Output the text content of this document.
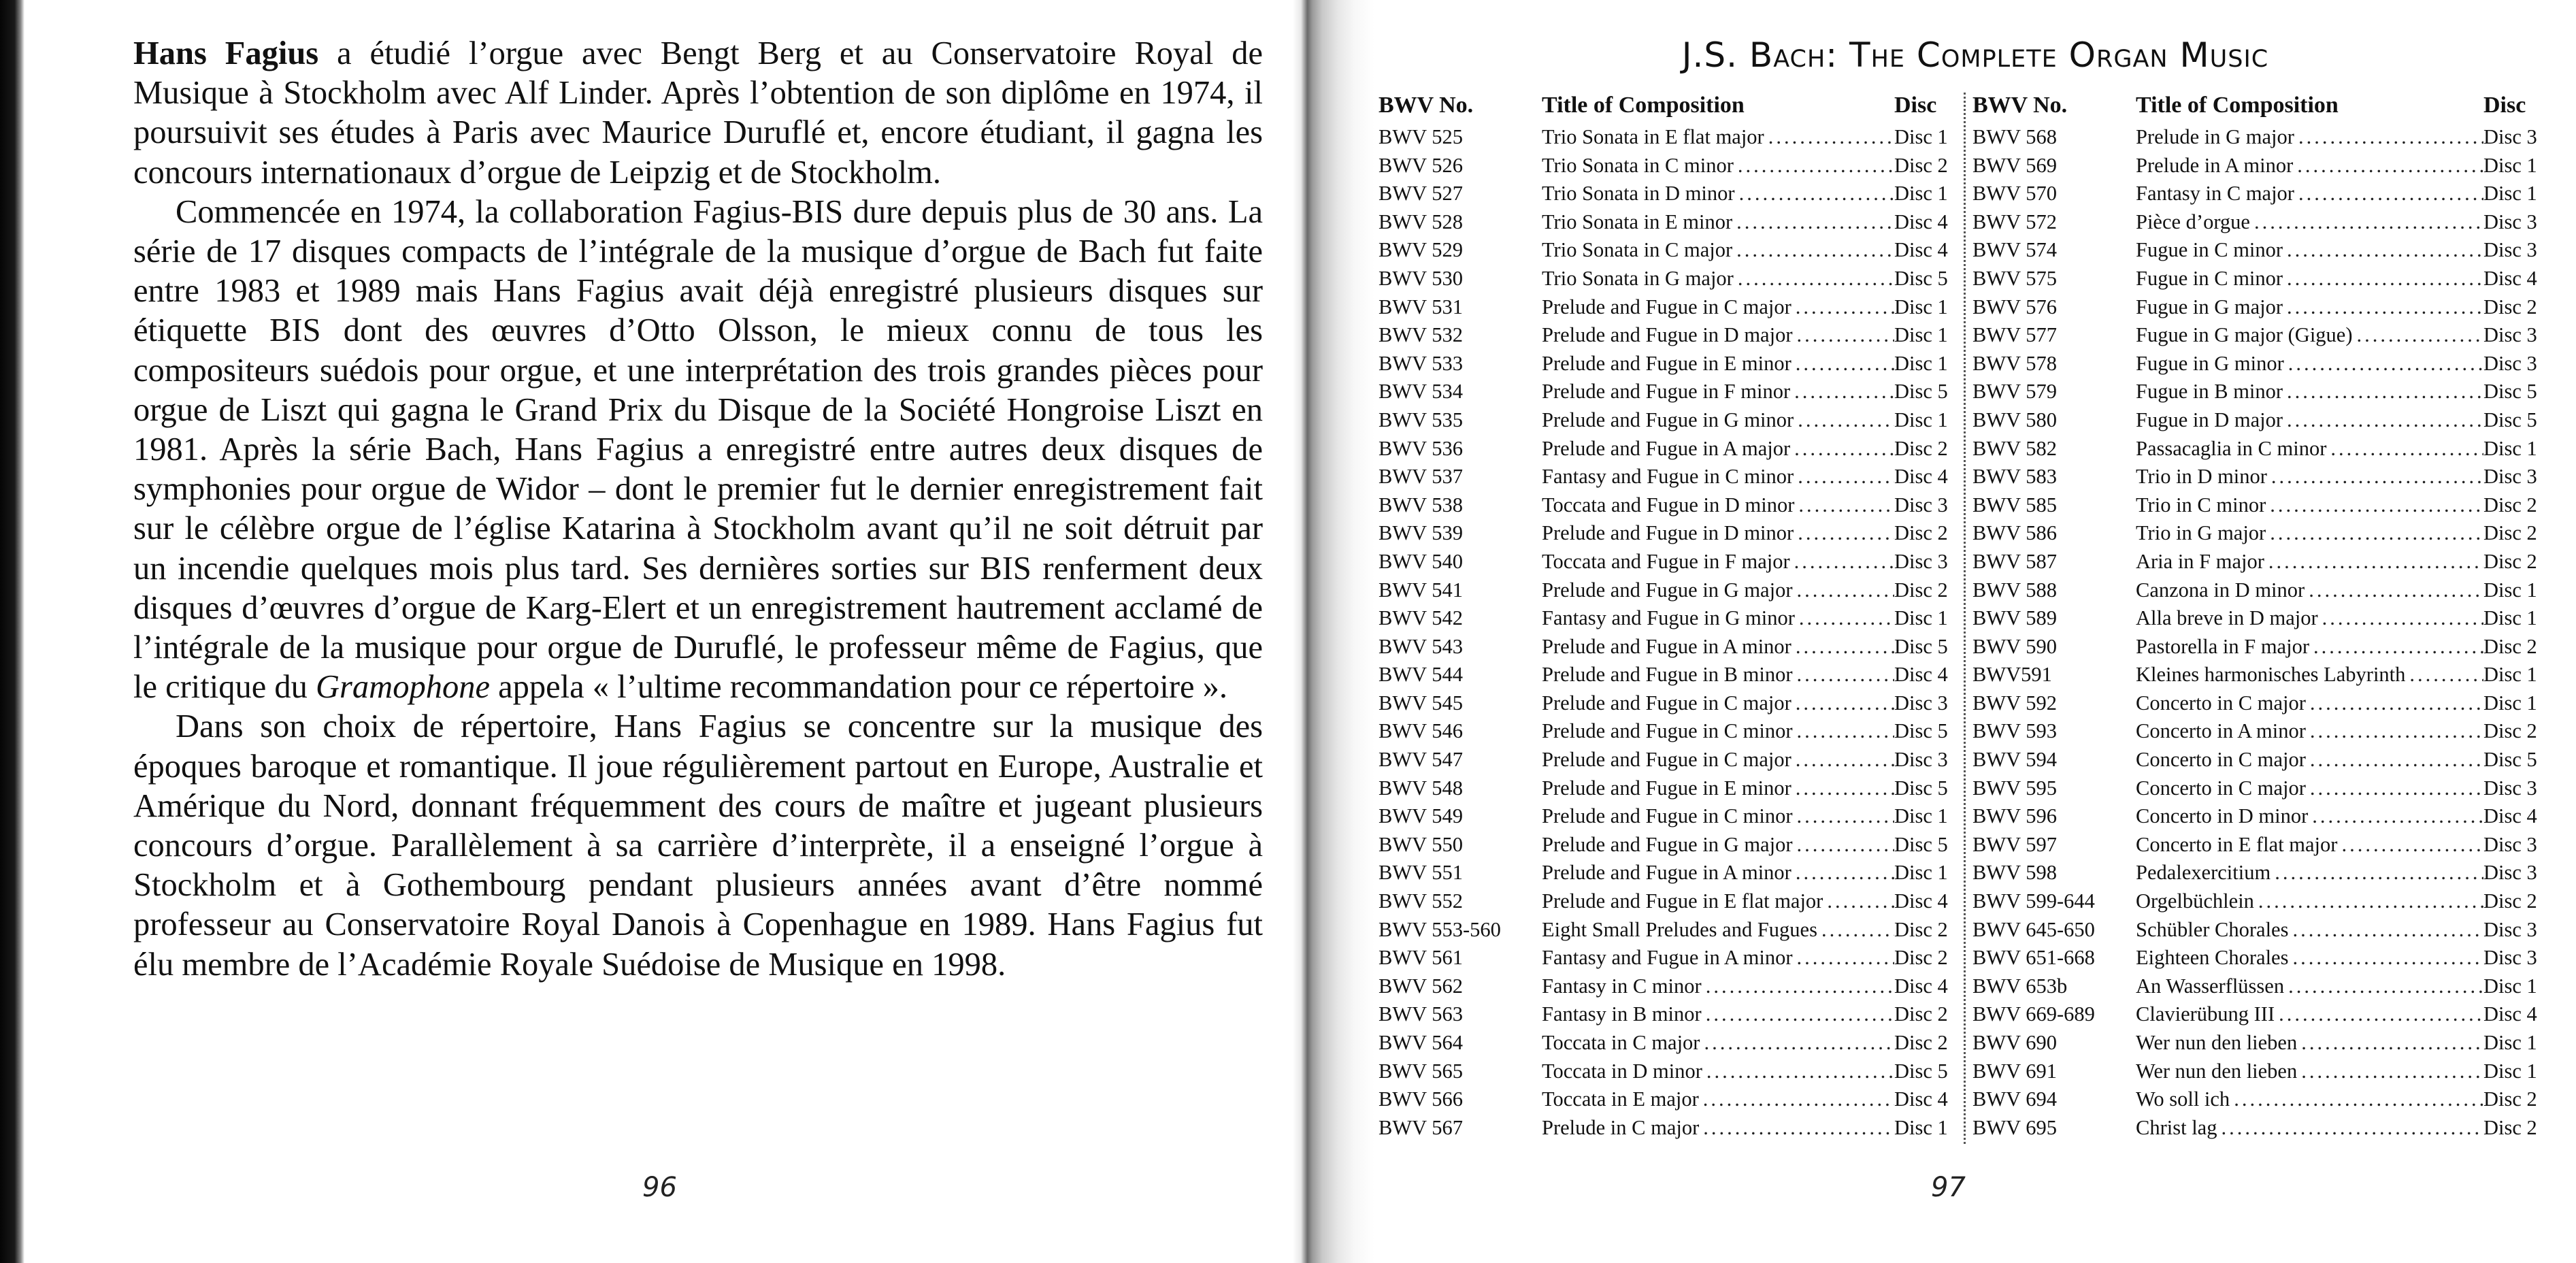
Hans Fagius a étudié l’orgue avec Bengt Berg et au Conservatoire Royal de Musique à Stockholm avec Alf Linder. Après l’obtention de son diplôme en 1974, il poursuivit ses études à Paris avec Maurice Duruflé et, encore étudiant, il gagna les concours internationaux d’orgue de Leipzig et de Stockholm.

Commencée en 1974, la collaboration Fagius-BIS dure depuis plus de 30 ans. La série de 17 disques compacts de l’intégrale de la musique d’orgue de Bach fut faite entre 1983 et 1989 mais Hans Fagius avait déjà enregistré plusieurs disques sur étiquette BIS dont des œuvres d’Otto Olsson, le mieux connu de tous les compositeurs suédois pour orgue, et une interprétation des trois grandes pièces pour orgue de Liszt qui gagna le Grand Prix du Disque de la Société Hongroise Liszt en 1981. Après la série Bach, Hans Fagius a enregistré entre autres deux disques de symphonies pour orgue de Widor – dont le premier fut le dernier enregistrement fait sur le célèbre orgue de l’église Katarina à Stockholm avant qu’il ne soit détruit par un incendie quelques mois plus tard. Ses dernières sorties sur BIS renferment deux disques d’œuvres d’orgue de Karg-Elert et un enregistrement hautrement acclamé de l’intégrale de la musique pour orgue de Duruflé, le professeur même de Fagius, que le critique du Gramophone appela « l’ultime recommandation pour ce répertoire ».

Dans son choix de répertoire, Hans Fagius se concentre sur la musique des époques baroque et romantique. Il joue régulièrement partout en Europe, Australie et Amérique du Nord, donnant fréquemment des cours de maître et jugeant plusieurs concours d’orgue. Parallèlement à sa carrière d’interprète, il a enseigné l’orgue à Stockholm et à Gothembourg pendant plusieurs années avant d’être nommé professeur au Conservatoire Royal Danois à Copenhague en 1989. Hans Fagius fut élu membre de l’Académie Royale Suédoise de Musique en 1998.

96
J.S. Bach: The Complete Organ Music
BWV No.	Title of Composition	Disc
BWV 525	Trio Sonata in E flat major .....	Disc 1
BWV 526	Trio Sonata in C minor .....	Disc 2
BWV 527	Trio Sonata in D minor .....	Disc 1
BWV 528	Trio Sonata in E minor .....	Disc 4
BWV 529	Trio Sonata in C major .....	Disc 4
BWV 530	Trio Sonata in G major .....	Disc 5
BWV 531	Prelude and Fugue in C major .....	Disc 1
BWV 532	Prelude and Fugue in D major .....	Disc 1
BWV 533	Prelude and Fugue in E minor .....	Disc 1
BWV 534	Prelude and Fugue in F minor .....	Disc 5
BWV 535	Prelude and Fugue in G minor .....	Disc 1
BWV 536	Prelude and Fugue in A major .....	Disc 2
BWV 537	Fantasy and Fugue in C minor .....	Disc 4
BWV 538	Toccata and Fugue in D minor .....	Disc 3
BWV 539	Prelude and Fugue in D minor .....	Disc 2
BWV 540	Toccata and Fugue in F major .....	Disc 3
BWV 541	Prelude and Fugue in G major .....	Disc 2
BWV 542	Fantasy and Fugue in G minor .....	Disc 1
BWV 543	Prelude and Fugue in A minor .....	Disc 5
BWV 544	Prelude and Fugue in B minor .....	Disc 4
BWV 545	Prelude and Fugue in C major .....	Disc 3
BWV 546	Prelude and Fugue in C minor .....	Disc 5
BWV 547	Prelude and Fugue in C major .....	Disc 3
BWV 548	Prelude and Fugue in E minor .....	Disc 5
BWV 549	Prelude and Fugue in C minor .....	Disc 1
BWV 550	Prelude and Fugue in G major .....	Disc 5
BWV 551	Prelude and Fugue in A minor .....	Disc 1
BWV 552	Prelude and Fugue in E flat major .....	Disc 4
BWV 553-560	Eight Small Preludes and Fugues .....	Disc 2
BWV 561	Fantasy and Fugue in A minor .....	Disc 2
BWV 562	Fantasy in C minor .....	Disc 4
BWV 563	Fantasy in B minor .....	Disc 2
BWV 564	Toccata in C major .....	Disc 2
BWV 565	Toccata in D minor .....	Disc 5
BWV 566	Toccata in E major .....	Disc 4
BWV 567	Prelude in C major .....	Disc 1
BWV No.	Title of Composition	Disc
BWV 568	Prelude in G major .....	Disc 3
BWV 569	Prelude in A minor .....	Disc 1
BWV 570	Fantasy in C major .....	Disc 1
BWV 572	Pièce d’orgue .....	Disc 3
BWV 574	Fugue in C minor .....	Disc 3
BWV 575	Fugue in C minor .....	Disc 4
BWV 576	Fugue in G major .....	Disc 2
BWV 577	Fugue in G major (Gigue) .....	Disc 3
BWV 578	Fugue in G minor .....	Disc 3
BWV 579	Fugue in B minor .....	Disc 5
BWV 580	Fugue in D major .....	Disc 5
BWV 582	Passacaglia in C minor .....	Disc 1
BWV 583	Trio in D minor .....	Disc 3
BWV 585	Trio in C minor .....	Disc 2
BWV 586	Trio in G major .....	Disc 2
BWV 587	Aria in F major .....	Disc 2
BWV 588	Canzona in D minor .....	Disc 1
BWV 589	Alla breve in D major .....	Disc 1
BWV 590	Pastorella in F major .....	Disc 2
BWV591	Kleines harmonisches Labyrinth .....	Disc 1
BWV 592	Concerto in C major .....	Disc 1
BWV 593	Concerto in A minor .....	Disc 2
BWV 594	Concerto in C major .....	Disc 5
BWV 595	Concerto in C major .....	Disc 3
BWV 596	Concerto in D minor .....	Disc 4
BWV 597	Concerto in E flat major .....	Disc 3
BWV 598	Pedalexercitium .....	Disc 3
BWV 599-644	Orgelbüchlein .....	Disc 2
BWV 645-650	Schübler Chorales .....	Disc 3
BWV 651-668	Eighteen Chorales .....	Disc 3
BWV 653b	An Wasserflüssen .....	Disc 1
BWV 669-689	Clavierübung III .....	Disc 4
BWV 690	Wer nun den lieben .....	Disc 1
BWV 691	Wer nun den lieben .....	Disc 1
BWV 694	Wo soll ich .....	Disc 2
BWV 695	Christ lag .....	Disc 2
97
